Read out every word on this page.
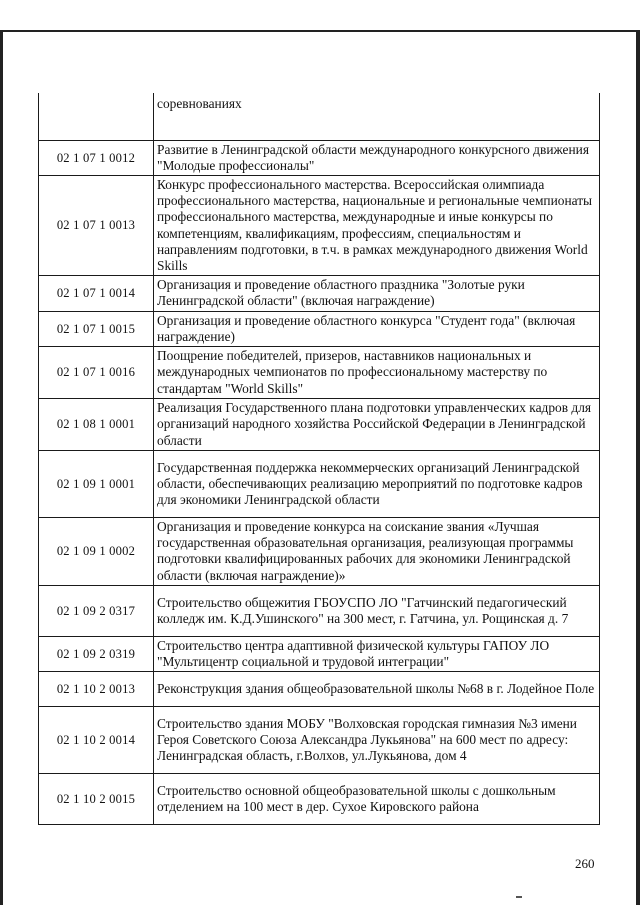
	соревнованиях
02 1 07 1 0012	Развитие в Ленинградской области международного конкурсного движения "Молодые профессионалы"
02 1 07 1 0013	Конкурс профессионального мастерства. Всероссийская олимпиада профессионального мастерства, национальные и региональные чемпионаты профессионального мастерства, международные и иные конкурсы по компетенциям, квалификациям, профессиям, специальностям и направлениям подготовки, в т.ч. в рамках международного движения World Skills
02 1 07 1 0014	Организация и проведение областного праздника "Золотые руки Ленинградской области" (включая награждение)
02 1 07 1 0015	Организация и проведение областного конкурса "Студент года" (включая награждение)
02 1 07 1 0016	Поощрение победителей, призеров, наставников национальных и международных чемпионатов по профессиональному мастерству по стандартам "World Skills"
02 1 08 1 0001	Реализация Государственного плана подготовки управленческих кадров для организаций народного хозяйства Российской Федерации в Ленинградской области
02 1 09 1 0001	Государственная поддержка некоммерческих организаций Ленинградской области, обеспечивающих реализацию мероприятий по подготовке кадров для экономики Ленинградской области
02 1 09 1 0002	Организация и проведение конкурса на соискание звания «Лучшая государственная образовательная организация, реализующая программы подготовки квалифицированных рабочих для экономики Ленинградской области (включая награждение)»
02 1 09 2 0317	Строительство общежития ГБОУСПО ЛО "Гатчинский педагогический колледж им. К.Д.Ушинского" на 300 мест, г. Гатчина, ул. Рощинская д. 7
02 1 09 2 0319	Строительство центра адаптивной физической культуры ГАПОУ ЛО "Мультицентр социальной и трудовой интеграции"
02 1 10 2 0013	Реконструкция здания общеобразовательной школы №68 в г. Лодейное Поле
02 1 10 2 0014	Строительство здания МОБУ "Волховская городская гимназия №3 имени Героя Советского Союза Александра Лукьянова" на 600 мест по адресу: Ленинградская область, г.Волхов, ул.Лукьянова, дом 4
02 1 10 2 0015	Строительство основной общеобразовательной школы с дошкольным отделением на 100 мест в дер. Сухое Кировского района
260
